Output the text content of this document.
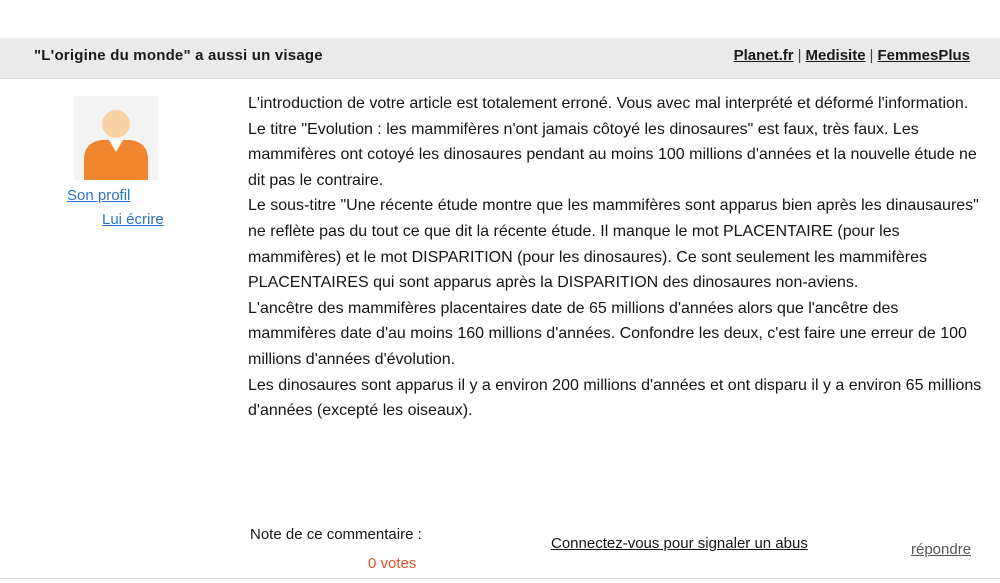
"L'origine du monde" a aussi un visage	Planet.fr | Medisite | FemmesPlus
Son profil
Lui écrire

L'introduction de votre article est totalement erroné. Vous avec mal interprété et déformé l'information.

Le titre "Evolution : les mammifères n'ont jamais côtoyé les dinosaures" est faux, très faux. Les mammifères ont cotoyé les dinosaures pendant au moins 100 millions d'années et la nouvelle étude ne dit pas le contraire.

Le sous-titre "Une récente étude montre que les mammifères sont apparus bien après les dinausaures" ne reflète pas du tout ce que dit la récente étude. Il manque le mot PLACENTAIRE (pour les mammifères) et le mot DISPARITION (pour les dinosaures). Ce sont seulement les mammifères PLACENTAIRES qui sont apparus après la DISPARITION des dinosaures non-aviens.

L'ancêtre des mammifères placentaires date de 65 millions d'années alors que l'ancêtre des mammifères date d'au moins 160 millions d'années. Confondre les deux, c'est faire une erreur de 100 millions d'années d'évolution.

Les dinosaures sont apparus il y a environ 200 millions d'années et ont disparu il y a environ 65 millions d'années (excepté les oiseaux).

Note de ce commentaire :
0 votes
Connectez-vous pour signaler un abus	répondre
